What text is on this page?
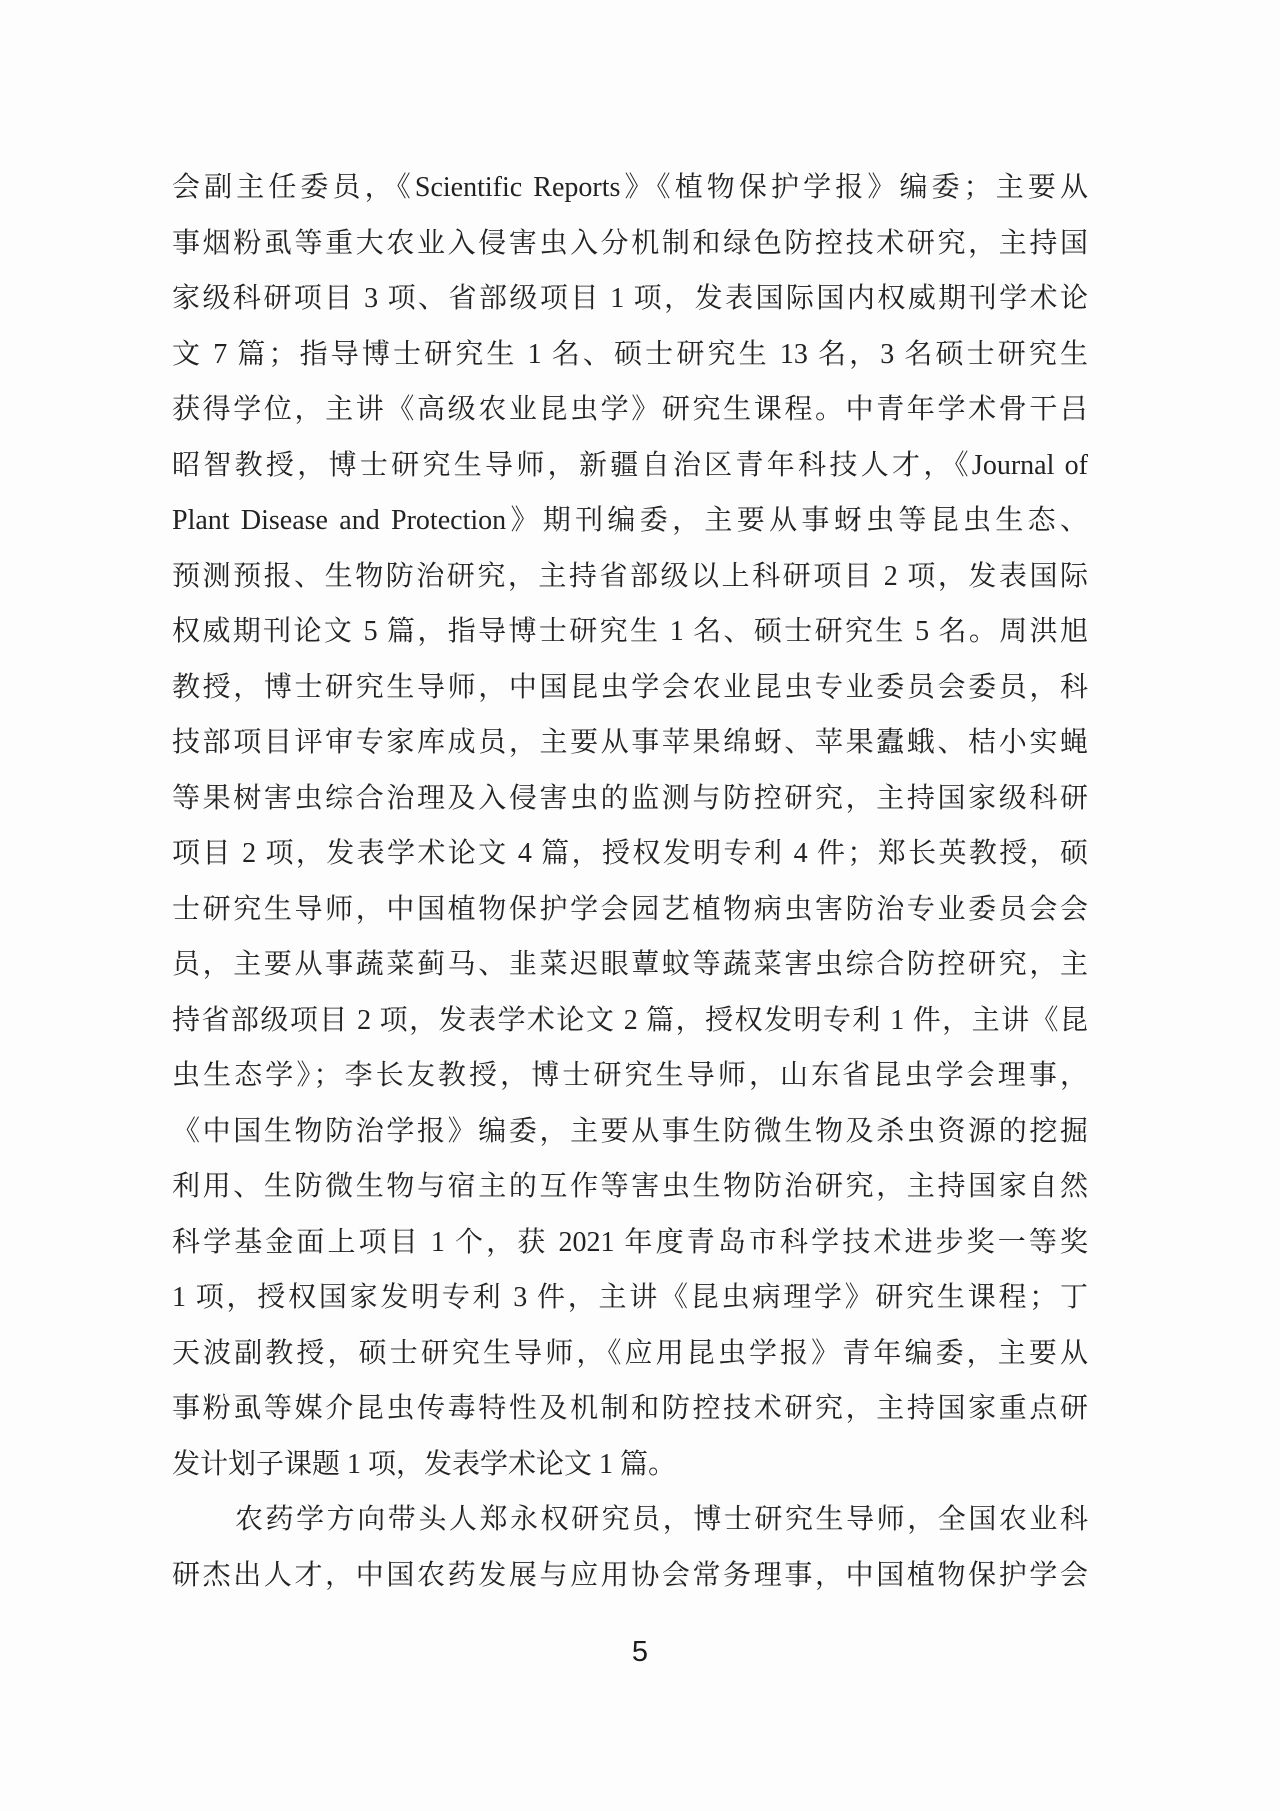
会副主任委员，《Scientific Reports》《植物保护学报》编委；主要从
事烟粉虱等重大农业入侵害虫入分机制和绿色防控技术研究，主持国
家级科研项目 3 项、省部级项目 1 项，发表国际国内权威期刊学术论
文 7 篇；指导博士研究生 1 名、硕士研究生 13 名，3 名硕士研究生
获得学位，主讲《高级农业昆虫学》研究生课程。中青年学术骨干吕
昭智教授，博士研究生导师，新疆自治区青年科技人才，《Journal of
Plant Disease and Protection》期刊编委，主要从事蚜虫等昆虫生态、
预测预报、生物防治研究，主持省部级以上科研项目 2 项，发表国际
权威期刊论文 5 篇，指导博士研究生 1 名、硕士研究生 5 名。周洪旭
教授，博士研究生导师，中国昆虫学会农业昆虫专业委员会委员，科
技部项目评审专家库成员，主要从事苹果绵蚜、苹果蠹蛾、桔小实蝇
等果树害虫综合治理及入侵害虫的监测与防控研究，主持国家级科研
项目 2 项，发表学术论文 4 篇，授权发明专利 4 件；郑长英教授，硕
士研究生导师，中国植物保护学会园艺植物病虫害防治专业委员会会
员，主要从事蔬菜蓟马、韭菜迟眼蕈蚊等蔬菜害虫综合防控研究，主
持省部级项目 2 项，发表学术论文 2 篇，授权发明专利 1 件，主讲《昆
虫生态学》；李长友教授，博士研究生导师，山东省昆虫学会理事，
《中国生物防治学报》编委，主要从事生防微生物及杀虫资源的挖掘
利用、生防微生物与宿主的互作等害虫生物防治研究，主持国家自然
科学基金面上项目 1 个，获 2021 年度青岛市科学技术进步奖一等奖
1 项，授权国家发明专利 3 件，主讲《昆虫病理学》研究生课程；丁
天波副教授，硕士研究生导师，《应用昆虫学报》青年编委，主要从
事粉虱等媒介昆虫传毒特性及机制和防控技术研究，主持国家重点研
发计划子课题 1 项，发表学术论文 1 篇。
农药学方向带头人郑永权研究员，博士研究生导师，全国农业科
研杰出人才，中国农药发展与应用协会常务理事，中国植物保护学会
5
